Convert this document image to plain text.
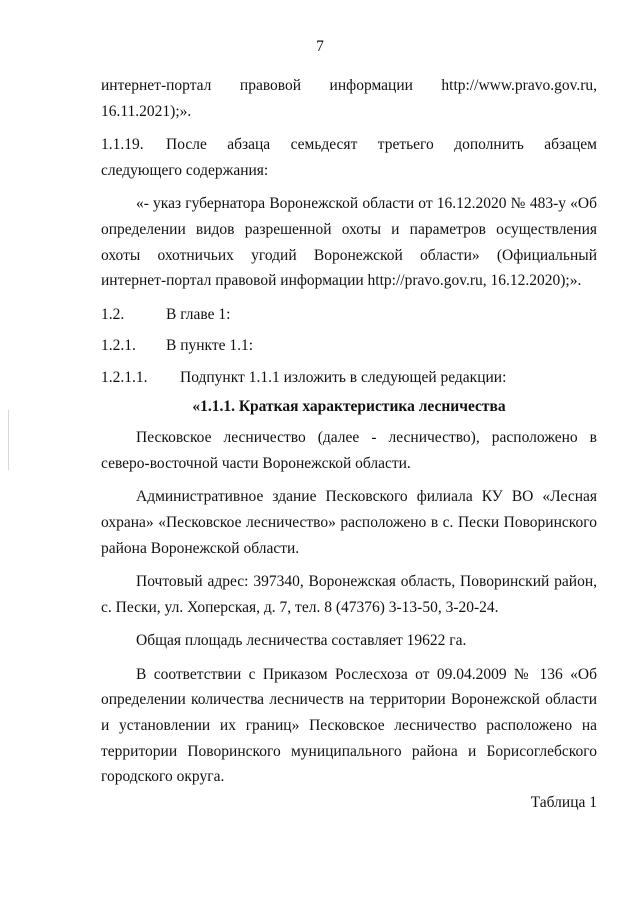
7

интернет-портал правовой информации http://www.pravo.gov.ru,

16.11.2021);».

1.1.19.	После абзаца семьдесят третьего дополнить абзацем

следующего содержания:

«- указ губернатора Воронежской области от 16.12.2020 № 483-у «Об определении видов разрешенной охоты и параметров осуществления охоты охотничьих угодий Воронежской области» (Официальный интернет-портал правовой информации http://pravo.gov.ru, 16.12.2020);».

1.2.	В главе 1:

1.2.1.	В пункте 1.1:

1.2.1.1.	Подпункт 1.1.1 изложить в следующей редакции:

«1.1.1. Краткая характеристика лесничества

Песковское лесничество (далее - лесничество), расположено в северо-восточной части Воронежской области.

Административное здание Песковского филиала КУ ВО «Лесная охрана» «Песковское лесничество» расположено в с. Пески Поворинского района Воронежской области.

Почтовый адрес: 397340, Воронежская область, Поворинский район, с. Пески, ул. Хоперская, д. 7, тел. 8 (47376) 3-13-50, 3-20-24.

Общая площадь лесничества составляет 19622 га.

В соответствии с Приказом Рослесхоза от 09.04.2009 № 136 «Об определении количества лесничеств на территории Воронежской области и установлении их границ» Песковское лесничество расположено на территории Поворинского муниципального района и Борисоглебского городского округа.

Таблица 1
